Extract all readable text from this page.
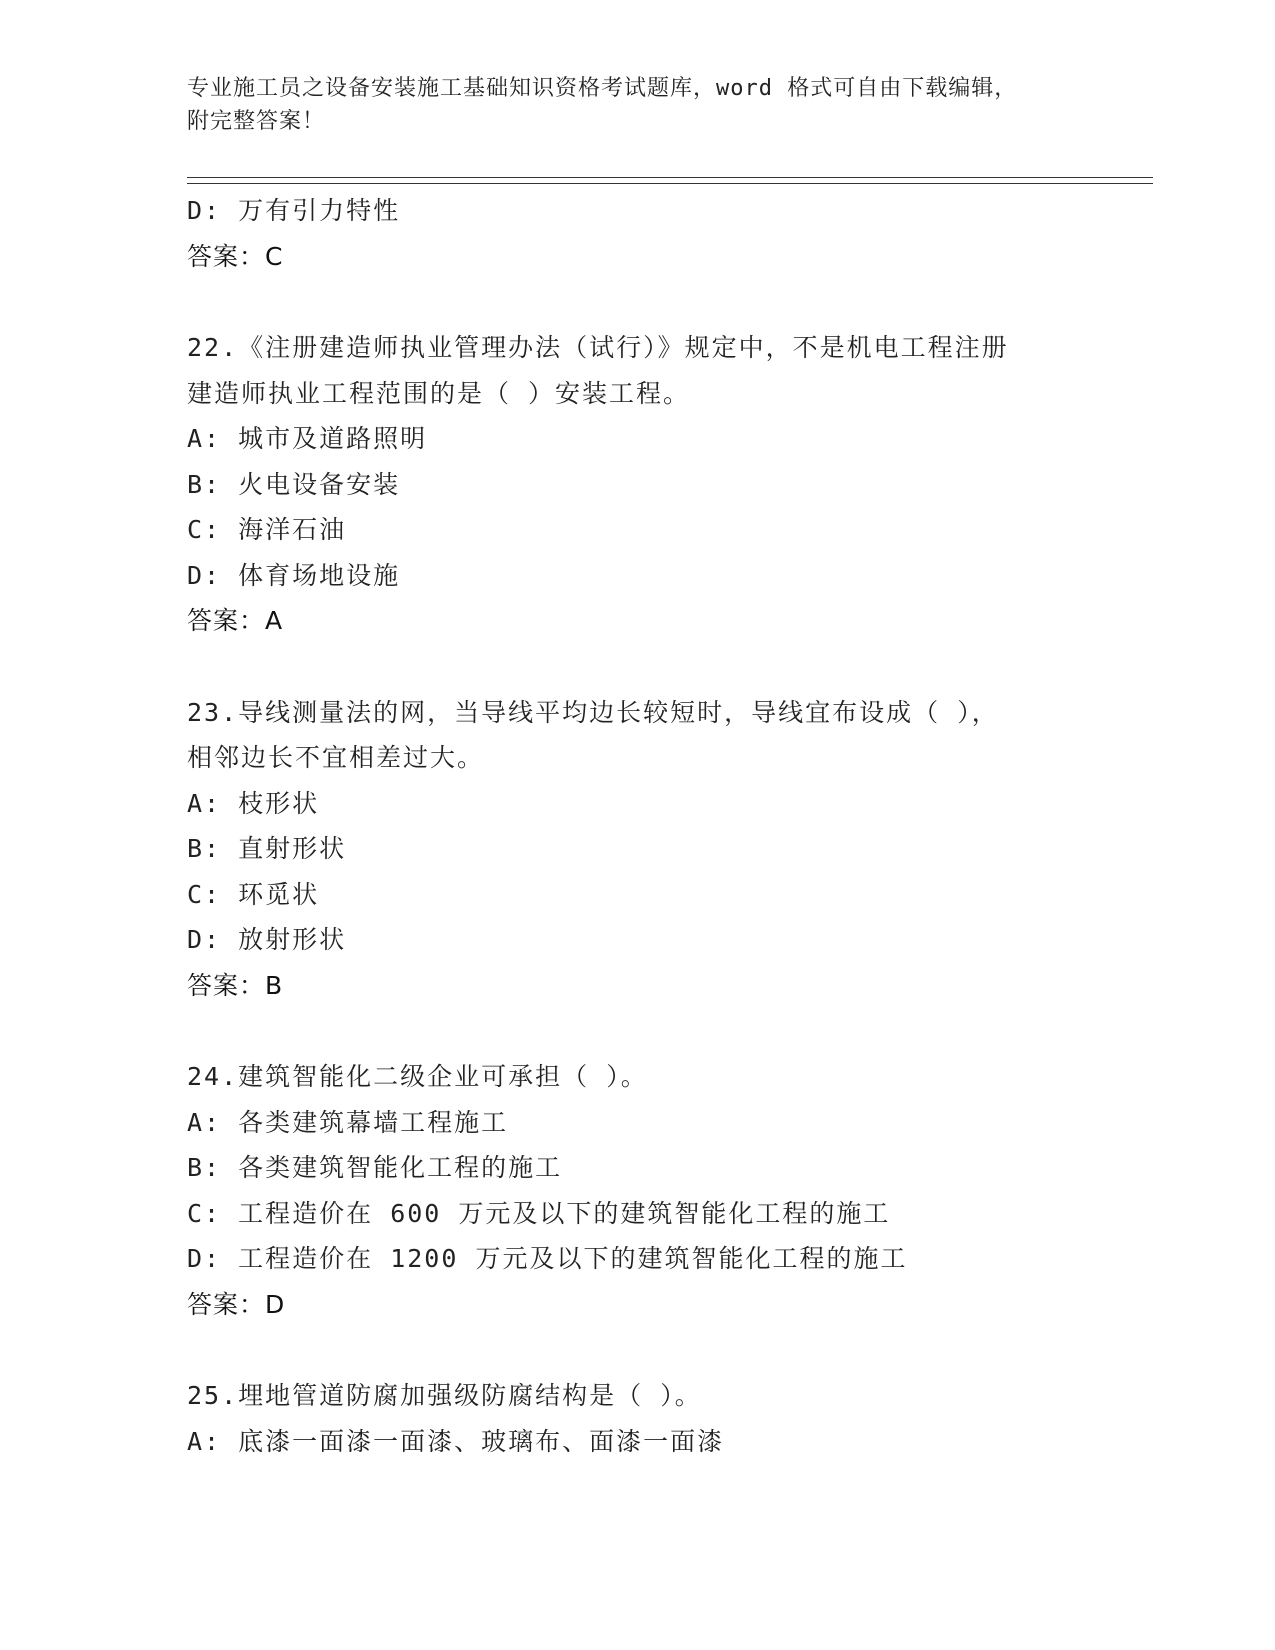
专业施工员之设备安装施工基础知识资格考试题库，word 格式可自由下载编辑，
附完整答案！
D: 万有引力特性
答案：C
22.《注册建造师执业管理办法（试行）》规定中，不是机电工程注册
建造师执业工程范围的是（ ）安装工程。
A: 城市及道路照明
B: 火电设备安装
C: 海洋石油
D: 体育场地设施
答案：A
23.导线测量法的网，当导线平均边长较短时，导线宜布设成（ ），
相邻边长不宜相差过大。
A: 枝形状
B: 直射形状
C: 环觅状
D: 放射形状
答案：B
24.建筑智能化二级企业可承担（ ）。
A: 各类建筑幕墙工程施工
B: 各类建筑智能化工程的施工
C: 工程造价在 600 万元及以下的建筑智能化工程的施工
D: 工程造价在 1200 万元及以下的建筑智能化工程的施工
答案：D
25.埋地管道防腐加强级防腐结构是（ ）。
A: 底漆一面漆一面漆、玻璃布、面漆一面漆
